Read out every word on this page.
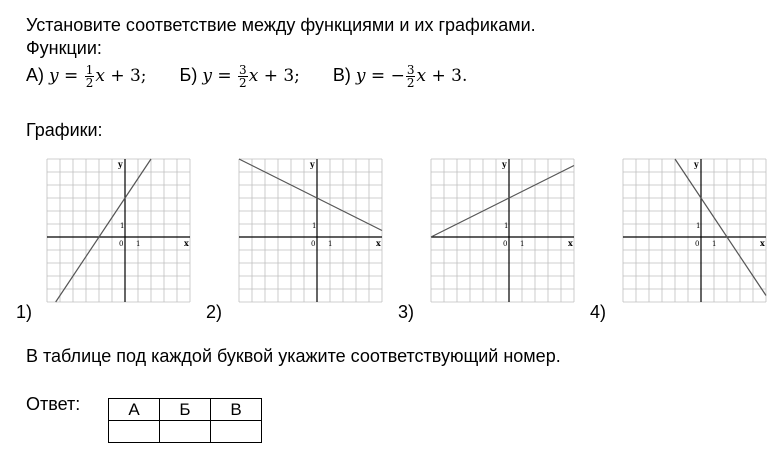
Установите соответствие между функциями и их графиками.
Функции:
А) $y = \frac{1}{2}$ x + 3; Б) $y = \frac{3}{2}$ x + 3; В) y = − $\frac{3}{2}$ x + 3.
Графики:
x
y
0 1
1
x
y
0 1
1
x
y
0 1
1
x
y
0 1
1
1)	2)	3)	4)
В таблице под каждой буквой укажите соответствующий номер.
Ответ:	А	Б	В
